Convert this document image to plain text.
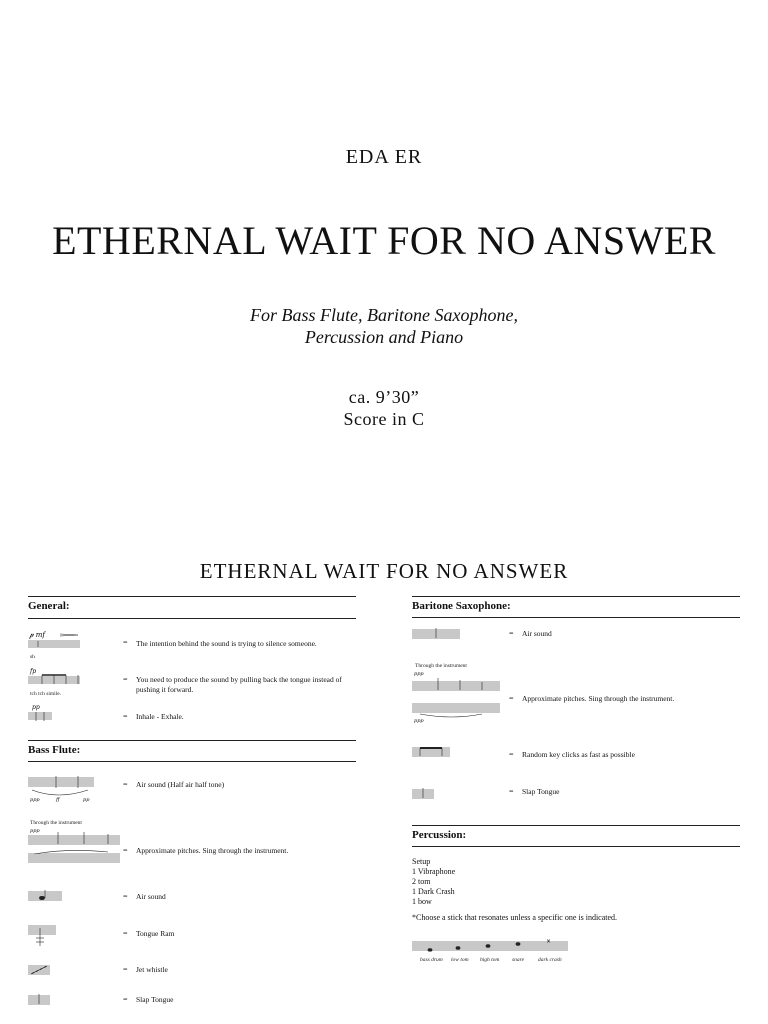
EDA ER
ETHERNAL WAIT FOR NO ANSWER
For Bass Flute, Baritone Saxophone,
Percussion and Piano
ca. 9’30”
Score in C
ETHERNAL WAIT FOR NO ANSWER
General:
𝆏 mf
sh
= The intention behind the sound is trying to silence someone.
fp
tch tch simile.
= You need to produce the sound by pulling back the tongue instead of
pushing it forward.
pp
= Inhale - Exhale.
Bass Flute:
ppp	ff	pp
= Air sound (Half air half tone)
Through the instrument
ppp
= Approximate pitches. Sing through the instrument.
= Air sound
= Tongue Ram
= Jet whistle
= Slap Tongue
Baritone Saxophone:
= Air sound
Through the instrument
ppp
ppp
= Approximate pitches. Sing through the instrument.
= Random key clicks as fast as possible
= Slap Tongue
Percussion:
Setup
1 Vibraphone
2 tom
1 Dark Crash
1 bow
*Choose a stick that resonates unless a specific one is indicated.
×
bass drum low tom high tom snare	dark crash
